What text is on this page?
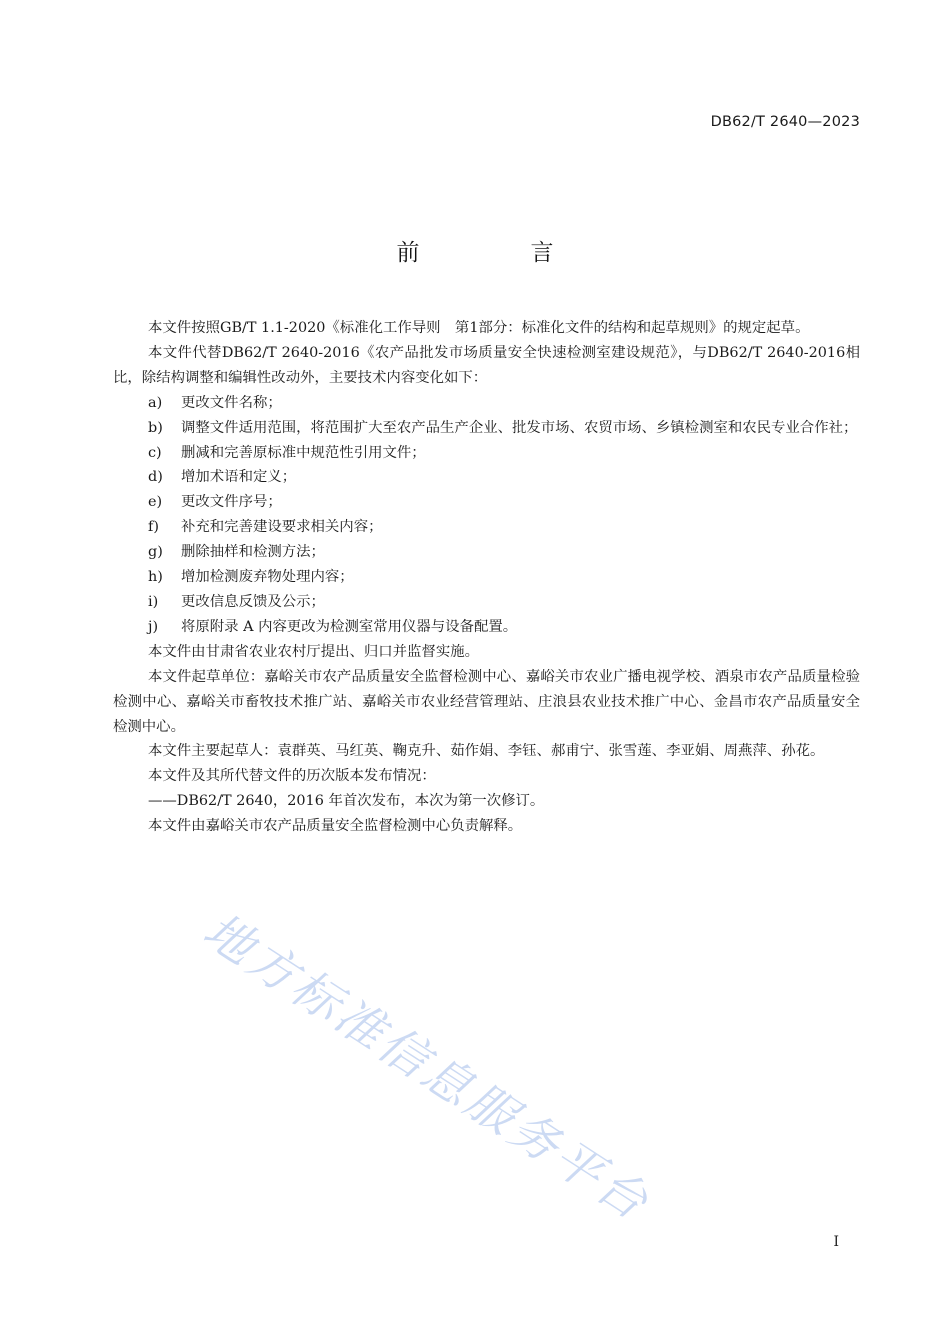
DB62/T 2640—2023
前　言

本文件按照GB/T 1.1-2020《标准化工作导则　第1部分：标准化文件的结构和起草规则》的规定起草。

本文件代替DB62/T 2640-2016《农产品批发市场质量安全快速检测室建设规范》，与DB62/T 2640-2016相比，除结构调整和编辑性改动外，主要技术内容变化如下：

a) 更改文件名称；
b) 调整文件适用范围，将范围扩大至农产品生产企业、批发市场、农贸市场、乡镇检测室和农民专业合作社；
c) 删减和完善原标准中规范性引用文件；
d) 增加术语和定义；
e) 更改文件序号；
f) 补充和完善建设要求相关内容；
g) 删除抽样和检测方法；
h) 增加检测废弃物处理内容；
i) 更改信息反馈及公示；
j) 将原附录 A 内容更改为检测室常用仪器与设备配置。

本文件由甘肃省农业农村厅提出、归口并监督实施。

本文件起草单位：嘉峪关市农产品质量安全监督检测中心、嘉峪关市农业广播电视学校、酒泉市农产品质量检验检测中心、嘉峪关市畜牧技术推广站、嘉峪关市农业经营管理站、庄浪县农业技术推广中心、金昌市农产品质量安全检测中心。

本文件主要起草人：袁群英、马红英、鞠克升、茹作娟、李钰、郝甫宁、张雪莲、李亚娟、周燕萍、孙花。

本文件及其所代替文件的历次版本发布情况：

——DB62/T 2640，2016 年首次发布，本次为第一次修订。

本文件由嘉峪关市农产品质量安全监督检测中心负责解释。

地方标准信息服务平台
I
